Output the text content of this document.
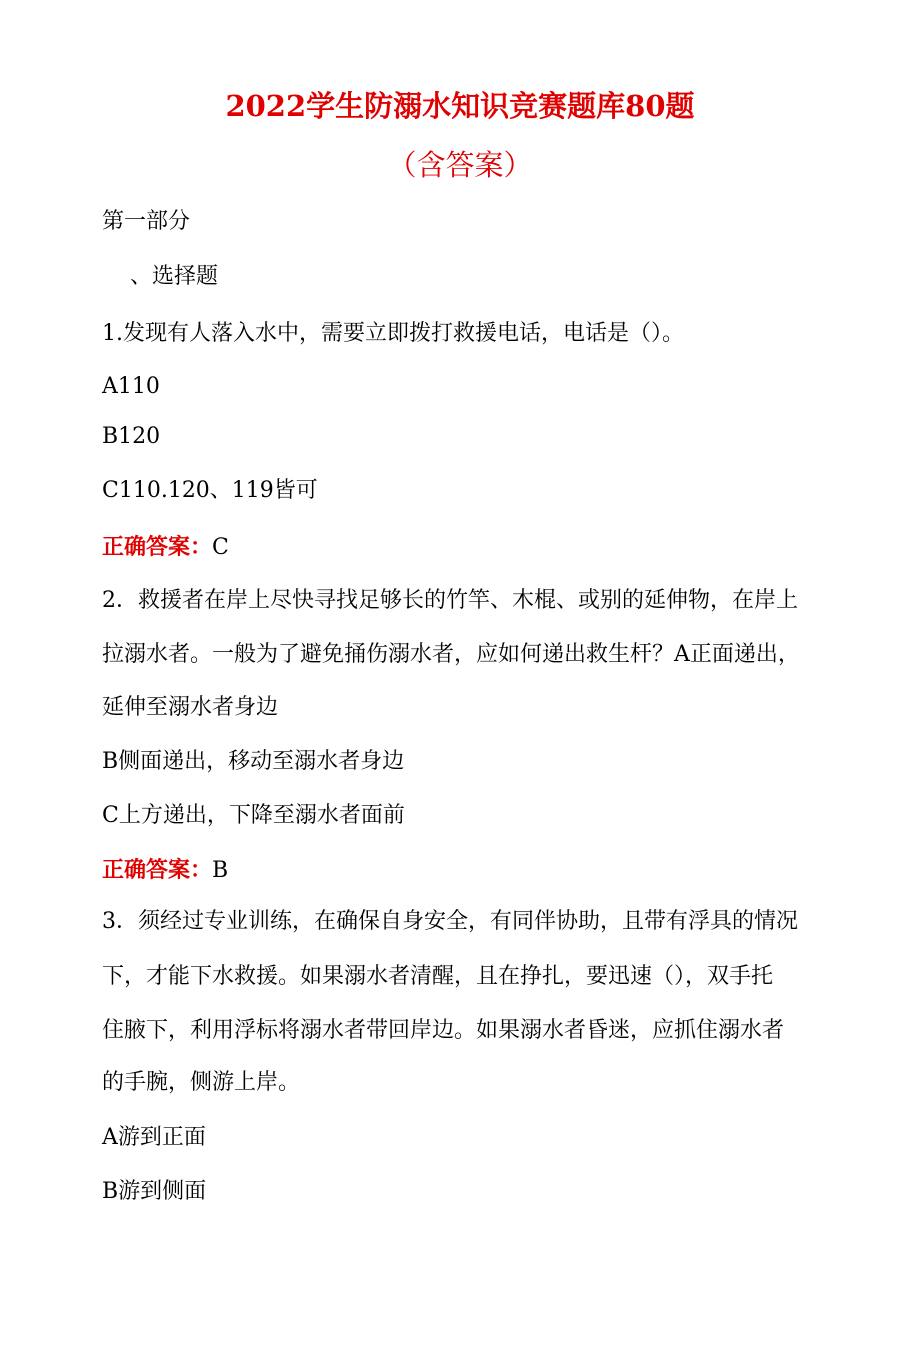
2022学生防溺水知识竞赛题库80题
（含答案）
第一部分
、选择题
1.发现有人落入水中，需要立即拨打救援电话，电话是（）。
A110
B120
C110.120、119皆可
正确答案：C
2．救援者在岸上尽快寻找足够长的竹竿、木棍、或别的延伸物，在岸上
拉溺水者。一般为了避免捅伤溺水者，应如何递出救生杆？A正面递出，
延伸至溺水者身边
B侧面递出，移动至溺水者身边
C上方递出，下降至溺水者面前
正确答案：B
3．须经过专业训练，在确保自身安全，有同伴协助，且带有浮具的情况
下，才能下水救援。如果溺水者清醒，且在挣扎，要迅速（），双手托
住腋下，利用浮标将溺水者带回岸边。如果溺水者昏迷，应抓住溺水者
的手腕，侧游上岸。
A游到正面
B游到侧面
